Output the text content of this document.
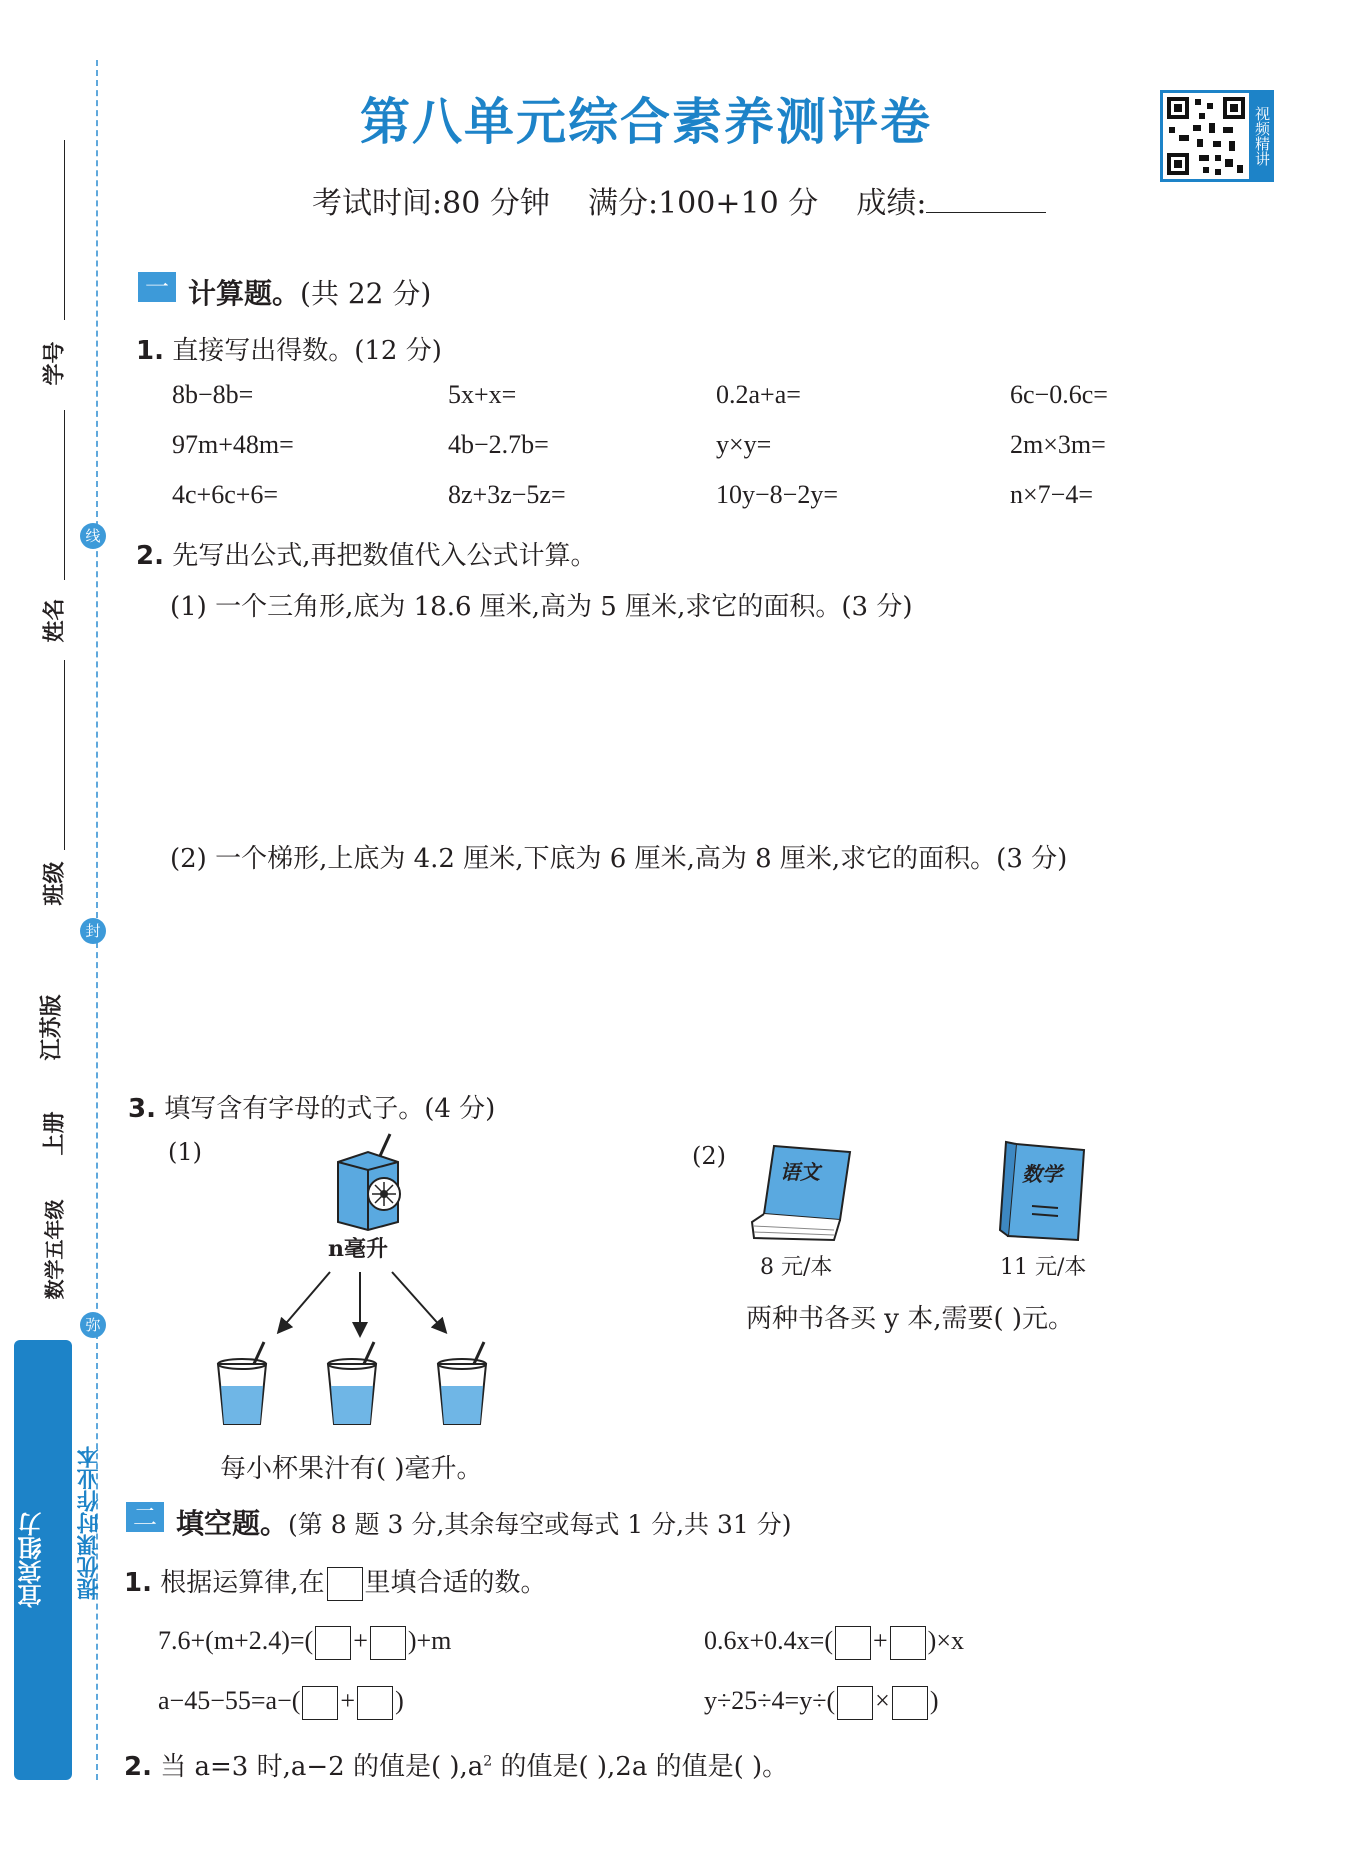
学号
姓名
班级
江苏版
上册
数学五年级
线
封
弥
宜宾组力	提优课时作业本
第八单元综合素养测评卷	视频精讲
考试时间:80 分钟 满分:100+10 分 成绩:
一 计算题。(共 22 分)
1. 直接写出得数。(12 分)
8b−8b=	5x+x=	0.2a+a=	6c−0.6c=
97m+48m=	4b−2.7b=	y×y=	2m×3m=
4c+6c+6=	8z+3z−5z=	10y−8−2y=	n×7−4=
2. 先写出公式,再把数值代入公式计算。
(1) 一个三角形,底为 18.6 厘米,高为 5 厘米,求它的面积。(3 分)
(2) 一个梯形,上底为 4.2 厘米,下底为 6 厘米,高为 8 厘米,求它的面积。(3 分)
3. 填写含有字母的式子。(4 分)
(1)
n毫升
每小杯果汁有( )毫升。
(2)
语文
8 元/本
数学
11 元/本
两种书各买 y 本,需要( )元。
二 填空题。(第 8 题 3 分,其余每空或每式 1 分,共 31 分)
1. 根据运算律,在 里填合适的数。
7.6+(m+2.4)=( + )+m	0.6x+0.4x=( + )×x
a−45−55=a−( + )	y÷25÷4=y÷( × )
2. 当 a=3 时,a−2 的值是( )$,a^2$ 的值是( ),2a 的值是( )。
